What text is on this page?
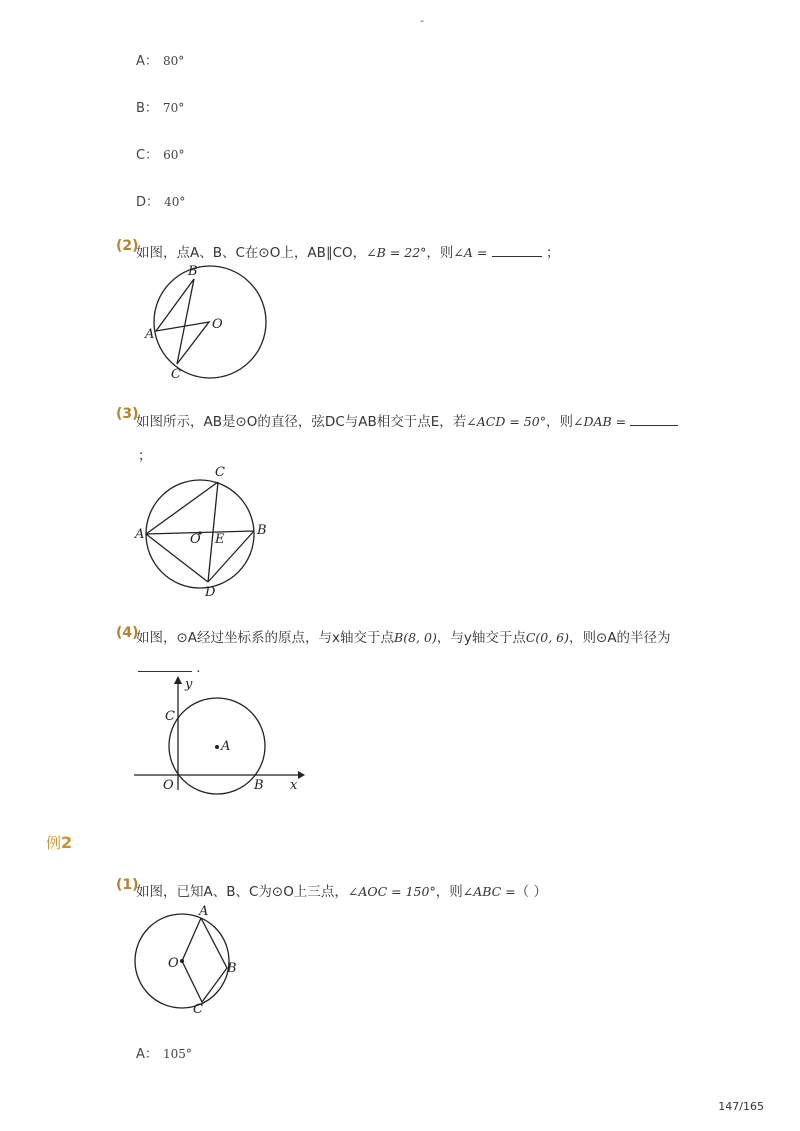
-
A： 80°
B： 70°
C： 60°
D： 40°
(2)
如图，点A、B、C在⊙O上，AB∥CO，∠B = 22°，则∠A =	；
B
A
O
C
(3)
如图所示，AB是⊙O的直径，弦DC与AB相交于点E，若∠ACD = 50°，则∠DAB =
；
C
A	O E
B
D
(4)
如图，⊙A经过坐标系的原点，与x轴交于点B(8, 0)，与y轴交于点C(0, 6)，则⊙A的半径为
.
y
C
A
O	B x
例2
(1)
如图，已知A、B、C为⊙O上三点，∠AOC = 150°，则∠ABC =（ ）
A
O	B
C
A： 105°
147/165
